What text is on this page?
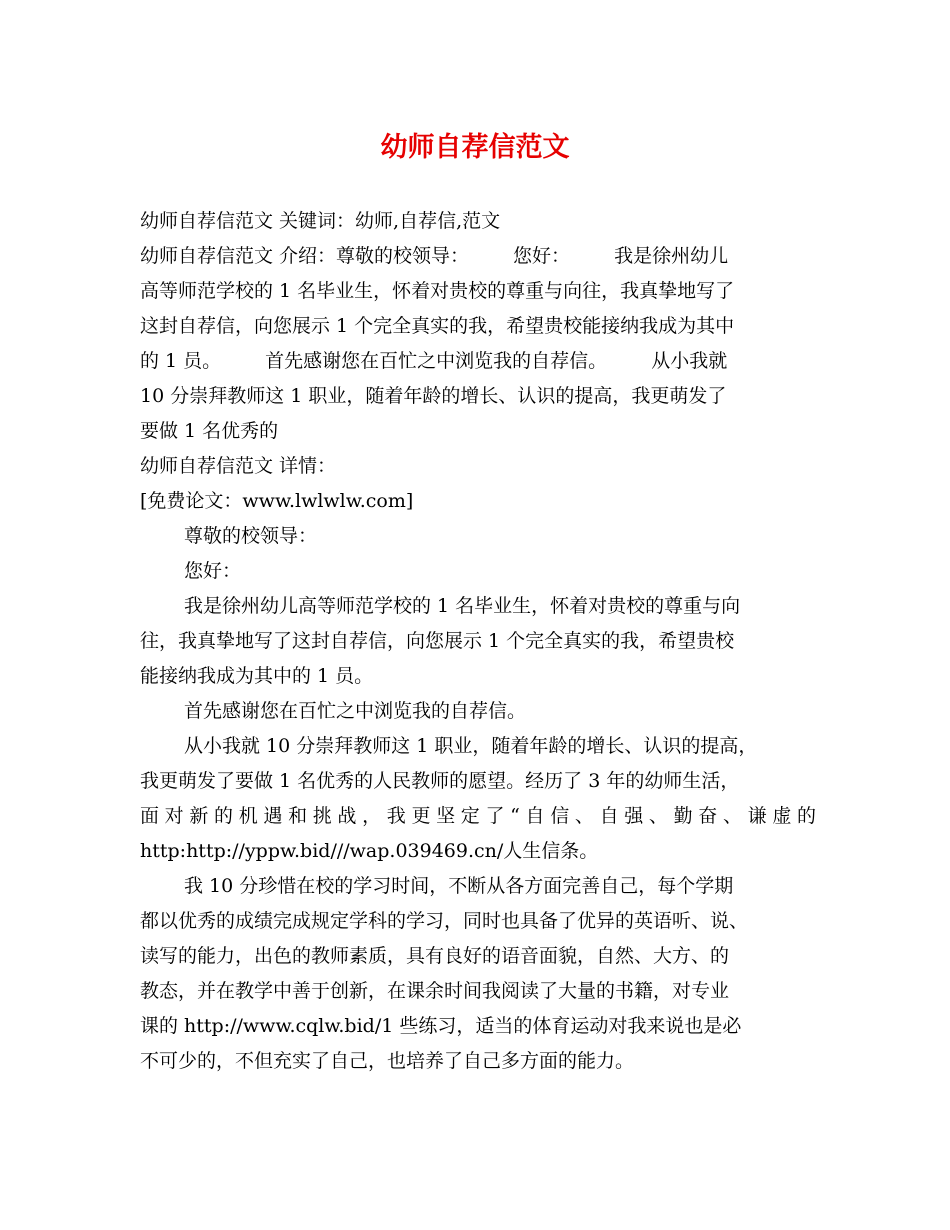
幼师自荐信范文
幼师自荐信范文 关键词：幼师,自荐信,范文
幼师自荐信范文 介绍：尊敬的校领导： 您好： 我是徐州幼儿
高等师范学校的 1 名毕业生，怀着对贵校的尊重与向往，我真挚地写了
这封自荐信，向您展示 1 个完全真实的我，希望贵校能接纳我成为其中
的 1 员。 首先感谢您在百忙之中浏览我的自荐信。 从小我就
10 分崇拜教师这 1 职业，随着年龄的增长、认识的提高，我更萌发了
要做 1 名优秀的
幼师自荐信范文 详情：
[免费论文：www.lwlwlw.com]
尊敬的校领导：
您好：
我是徐州幼儿高等师范学校的 1 名毕业生，怀着对贵校的尊重与向
往，我真挚地写了这封自荐信，向您展示 1 个完全真实的我，希望贵校
能接纳我成为其中的 1 员。
首先感谢您在百忙之中浏览我的自荐信。
从小我就 10 分崇拜教师这 1 职业，随着年龄的增长、认识的提高，
我更萌发了要做 1 名优秀的人民教师的愿望。经历了 3 年的幼师生活，
面对新的机遇和挑战，我更坚定了“自信、自强、勤奋、谦虚的
http:http://yppw.bid///wap.039469.cn/人生信条。
我 10 分珍惜在校的学习时间，不断从各方面完善自己，每个学期
都以优秀的成绩完成规定学科的学习，同时也具备了优异的英语听、说、
读写的能力，出色的教师素质，具有良好的语音面貌，自然、大方、的
教态，并在教学中善于创新，在课余时间我阅读了大量的书籍，对专业
课的 http://www.cqlw.bid/1 些练习，适当的体育运动对我来说也是必
不可少的，不但充实了自己，也培养了自己多方面的能力。
